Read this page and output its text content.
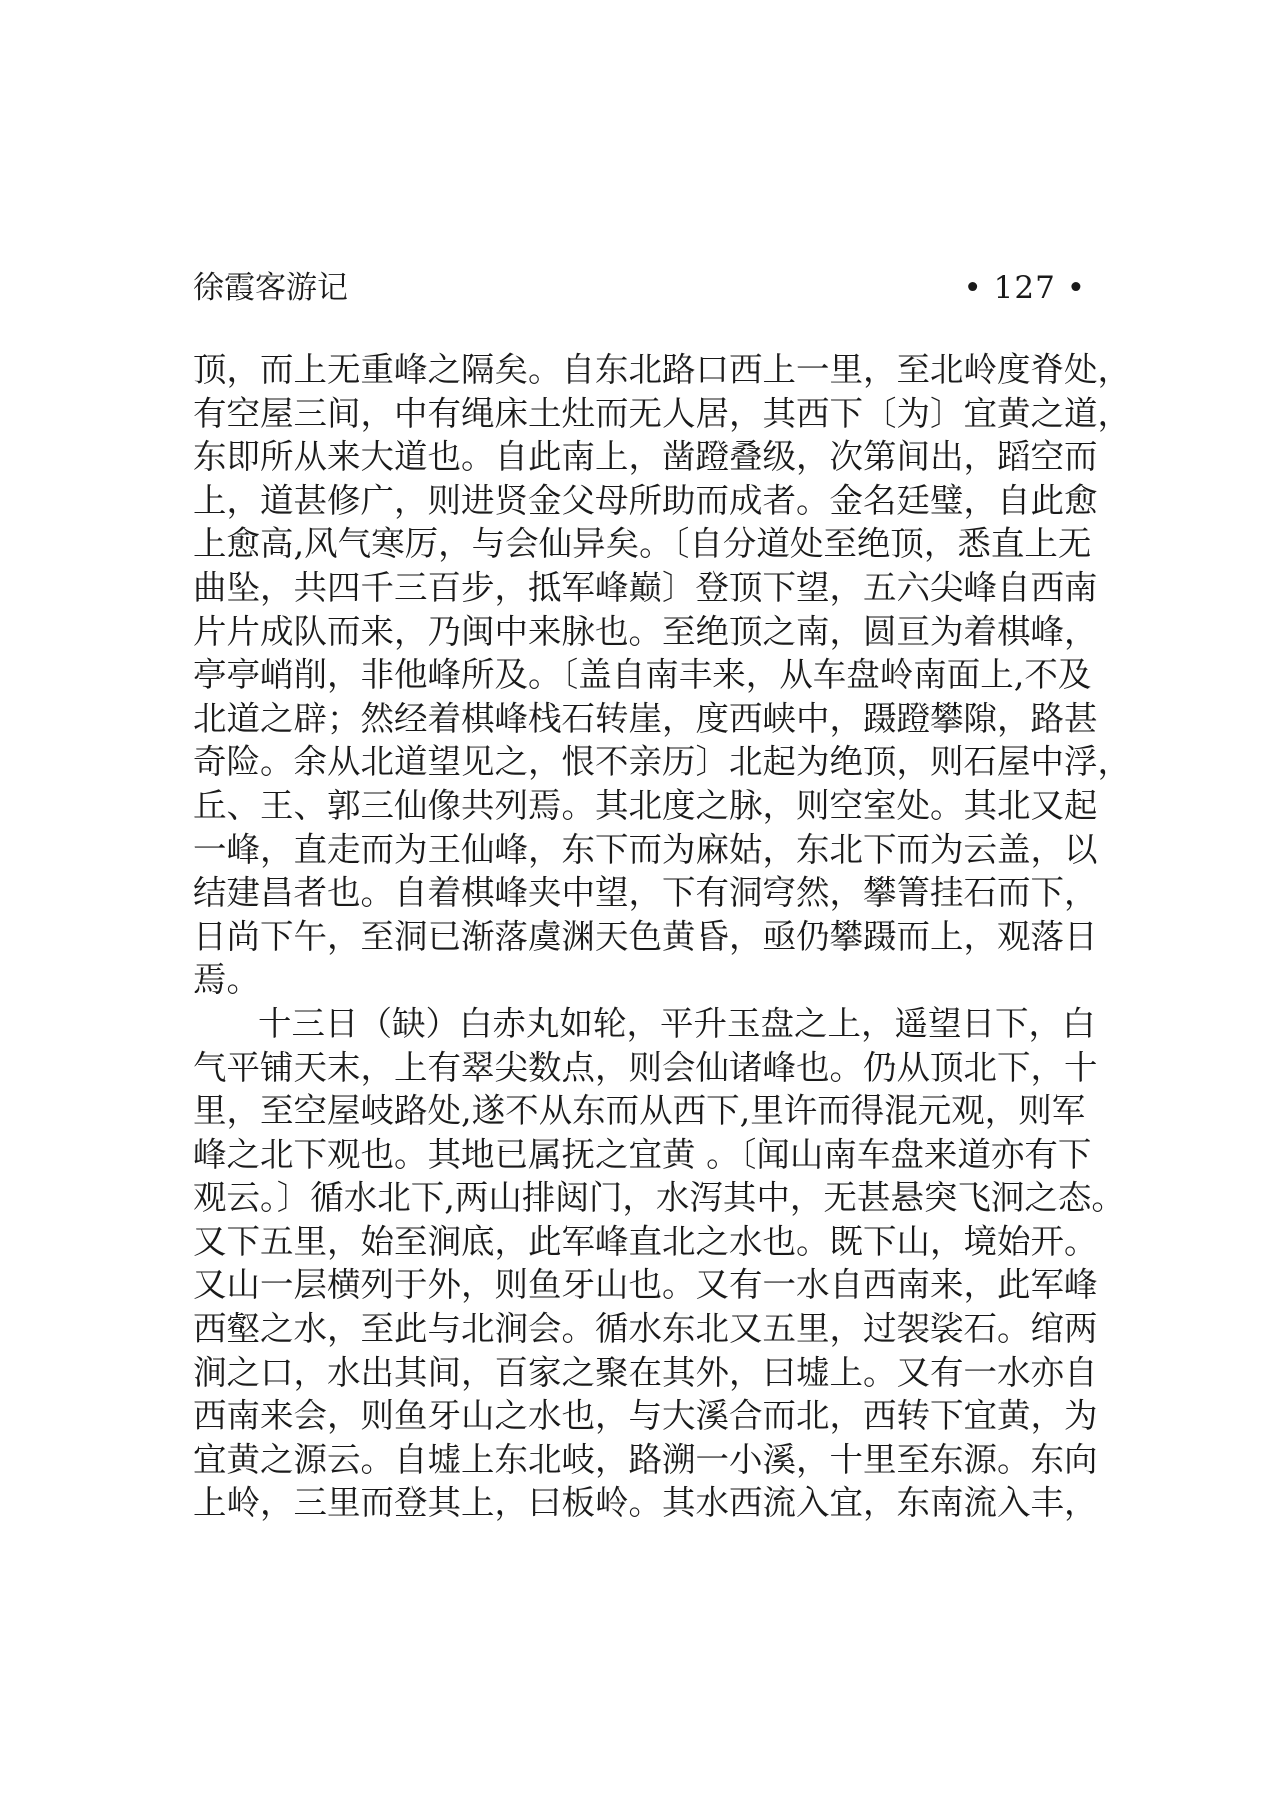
徐霞客游记	• 127 •
顶，而上无重峰之隔矣。自东北路口西上一里，至北岭度脊处，
有空屋三间，中有绳床土灶而无人居，其西下〔为〕宜黄之道，
东即所从来大道也。自此南上，凿蹬叠级，次第间出，蹈空而
上，道甚修广，则进贤金父母所助而成者。金名廷璧，自此愈
上愈高,风气寒厉，与会仙异矣。〔自分道处至绝顶，悉直上无
曲坠，共四千三百步，抵军峰巅〕登顶下望，五六尖峰自西南
片片成队而来，乃闽中来脉也。至绝顶之南，圆亘为着棋峰，
亭亭峭削，非他峰所及。〔盖自南丰来，从车盘岭南面上,不及
北道之辟；然经着棋峰栈石转崖，度西峡中，蹑蹬攀隙，路甚
奇险。余从北道望见之，恨不亲历〕北起为绝顶，则石屋中浮，
丘、王、郭三仙像共列焉。其北度之脉，则空室处。其北又起
一峰，直走而为王仙峰，东下而为麻姑，东北下而为云盖，以
结建昌者也。自着棋峰夹中望，下有洞穹然，攀箐挂石而下，
日尚下午，至洞已渐落虞渊天色黄昏，亟仍攀蹑而上，观落日
焉。
十三日（缺）白赤丸如轮，平升玉盘之上，遥望日下，白
气平铺天末，上有翠尖数点，则会仙诸峰也。仍从顶北下，十
里，至空屋岐路处,遂不从东而从西下,里许而得混元观，则军
峰之北下观也。其地已属抚之宜黄 。〔闻山南车盘来道亦有下
观云。〕循水北下,两山排闼门，水泻其中，无甚悬突飞泂之态。
又下五里，始至涧底，此军峰直北之水也。既下山，境始开。
又山一层横列于外，则鱼牙山也。又有一水自西南来，此军峰
西壑之水，至此与北涧会。循水东北又五里，过袈裟石。绾两
涧之口，水出其间，百家之聚在其外，曰墟上。又有一水亦自
西南来会，则鱼牙山之水也，与大溪合而北，西转下宜黄，为
宜黄之源云。自墟上东北岐，路溯一小溪，十里至东源。东向
上岭，三里而登其上，曰板岭。其水西流入宜，东南流入丰，
